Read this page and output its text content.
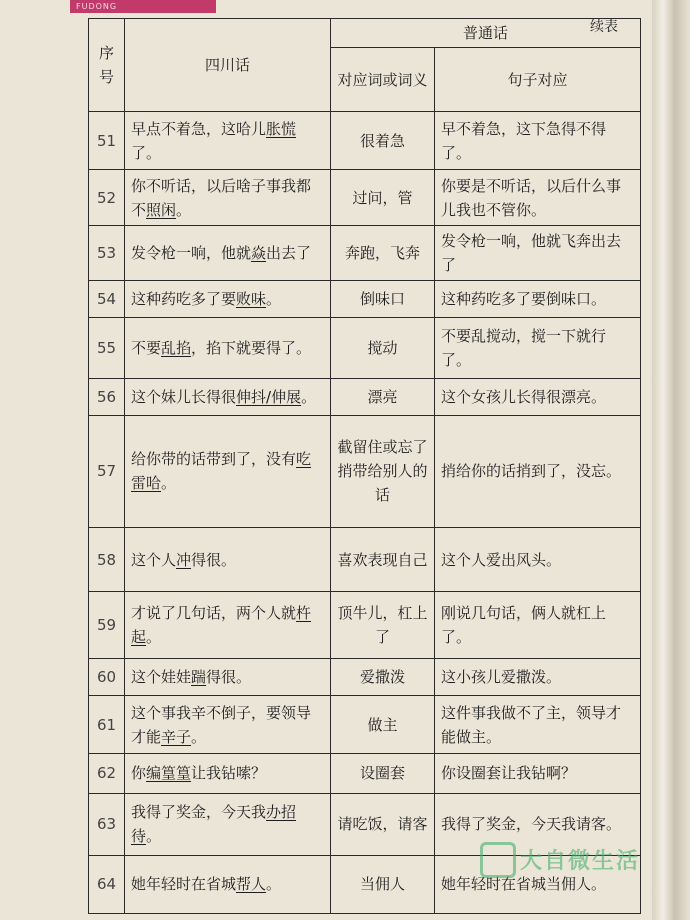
FUDONG
续表
序号	四川话	普通话	
		对应词或词义	句子对应
51	早点不着急，这哈儿胀慌了。	很着急	早不着急，这下急得不得了。
52	你不听话，以后啥子事我都不照闲。	过问，管	你要是不听话，以后什么事儿我也不管你。
53	发令枪一响，他就焱出去了	奔跑，飞奔	发令枪一响，他就飞奔出去了
54	这种药吃多了要败味。	倒味口	这种药吃多了要倒味口。
55	不要乱掐，掐下就要得了。	搅动	不要乱搅动，搅一下就行了。
56	这个妹儿长得很伸抖/伸展。	漂亮	这个女孩儿长得很漂亮。
57	给你带的话带到了，没有吃雷哈。	截留住或忘了捎带给别人的话	捎给你的话捎到了，没忘。
58	这个人冲得很。	喜欢表现自己	这个人爱出风头。
59	才说了几句话，两个人就杵起。	顶牛儿，杠上了	刚说几句话，俩人就杠上了。
60	这个娃娃踹得很。	爱撒泼	这小孩儿爱撒泼。
61	这个事我辛不倒子，要领导才能辛子。	做主	这件事我做不了主，领导才能做主。
62	你编篁篁让我钻嗦？	设圈套	你设圈套让我钻啊？
63	我得了奖金，今天我办招待。	请吃饭，请客	我得了奖金，今天我请客。
64	她年轻时在省城帮人。	当佣人	她年轻时在省城当佣人。
大自微生活
